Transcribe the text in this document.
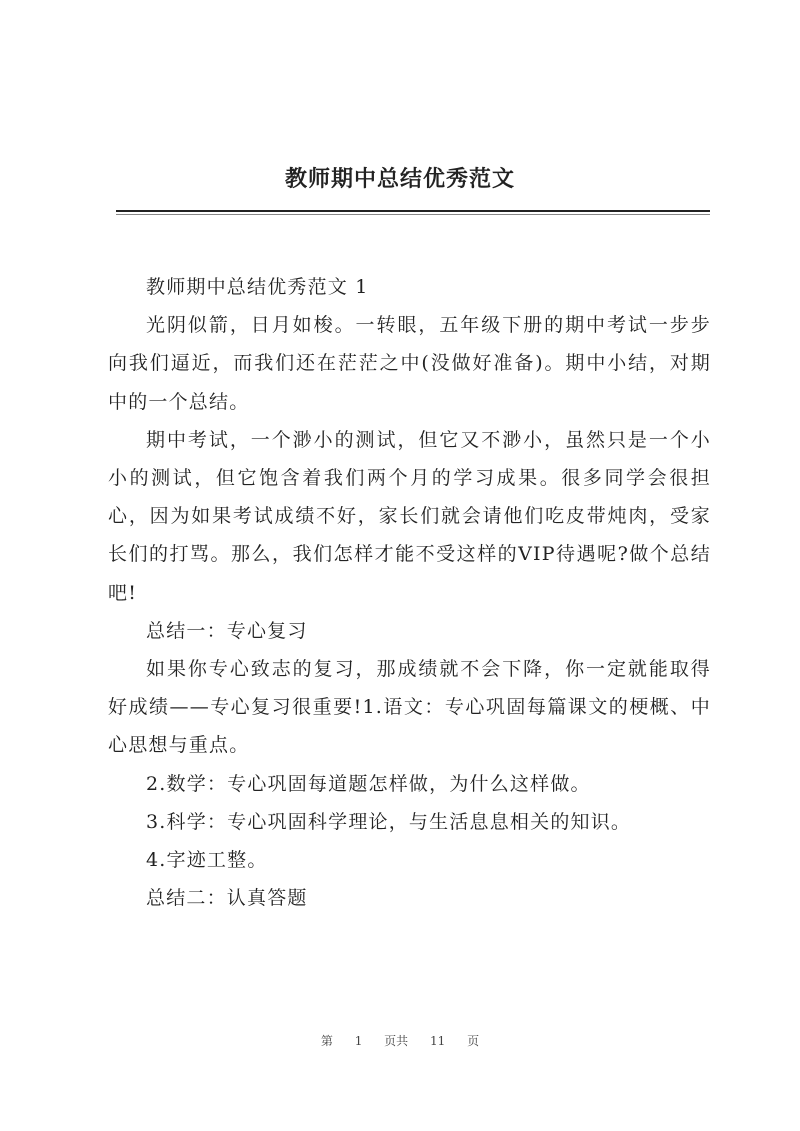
教师期中总结优秀范文

教师期中总结优秀范文 1

光阴似箭，日月如梭。一转眼，五年级下册的期中考试一步步向我们逼近，而我们还在茫茫之中(没做好准备)。期中小结，对期中的一个总结。

期中考试，一个渺小的测试，但它又不渺小，虽然只是一个小小的测试，但它饱含着我们两个月的学习成果。很多同学会很担心，因为如果考试成绩不好，家长们就会请他们吃皮带炖肉，受家长们的打骂。那么，我们怎样才能不受这样的VIP待遇呢?做个总结吧!

总结一：专心复习

如果你专心致志的复习，那成绩就不会下降，你一定就能取得好成绩——专心复习很重要!1.语文：专心巩固每篇课文的梗概、中心思想与重点。

2.数学：专心巩固每道题怎样做，为什么这样做。

3.科学：专心巩固科学理论，与生活息息相关的知识。

4.字迹工整。

总结二：认真答题

第 1 页共 11 页
